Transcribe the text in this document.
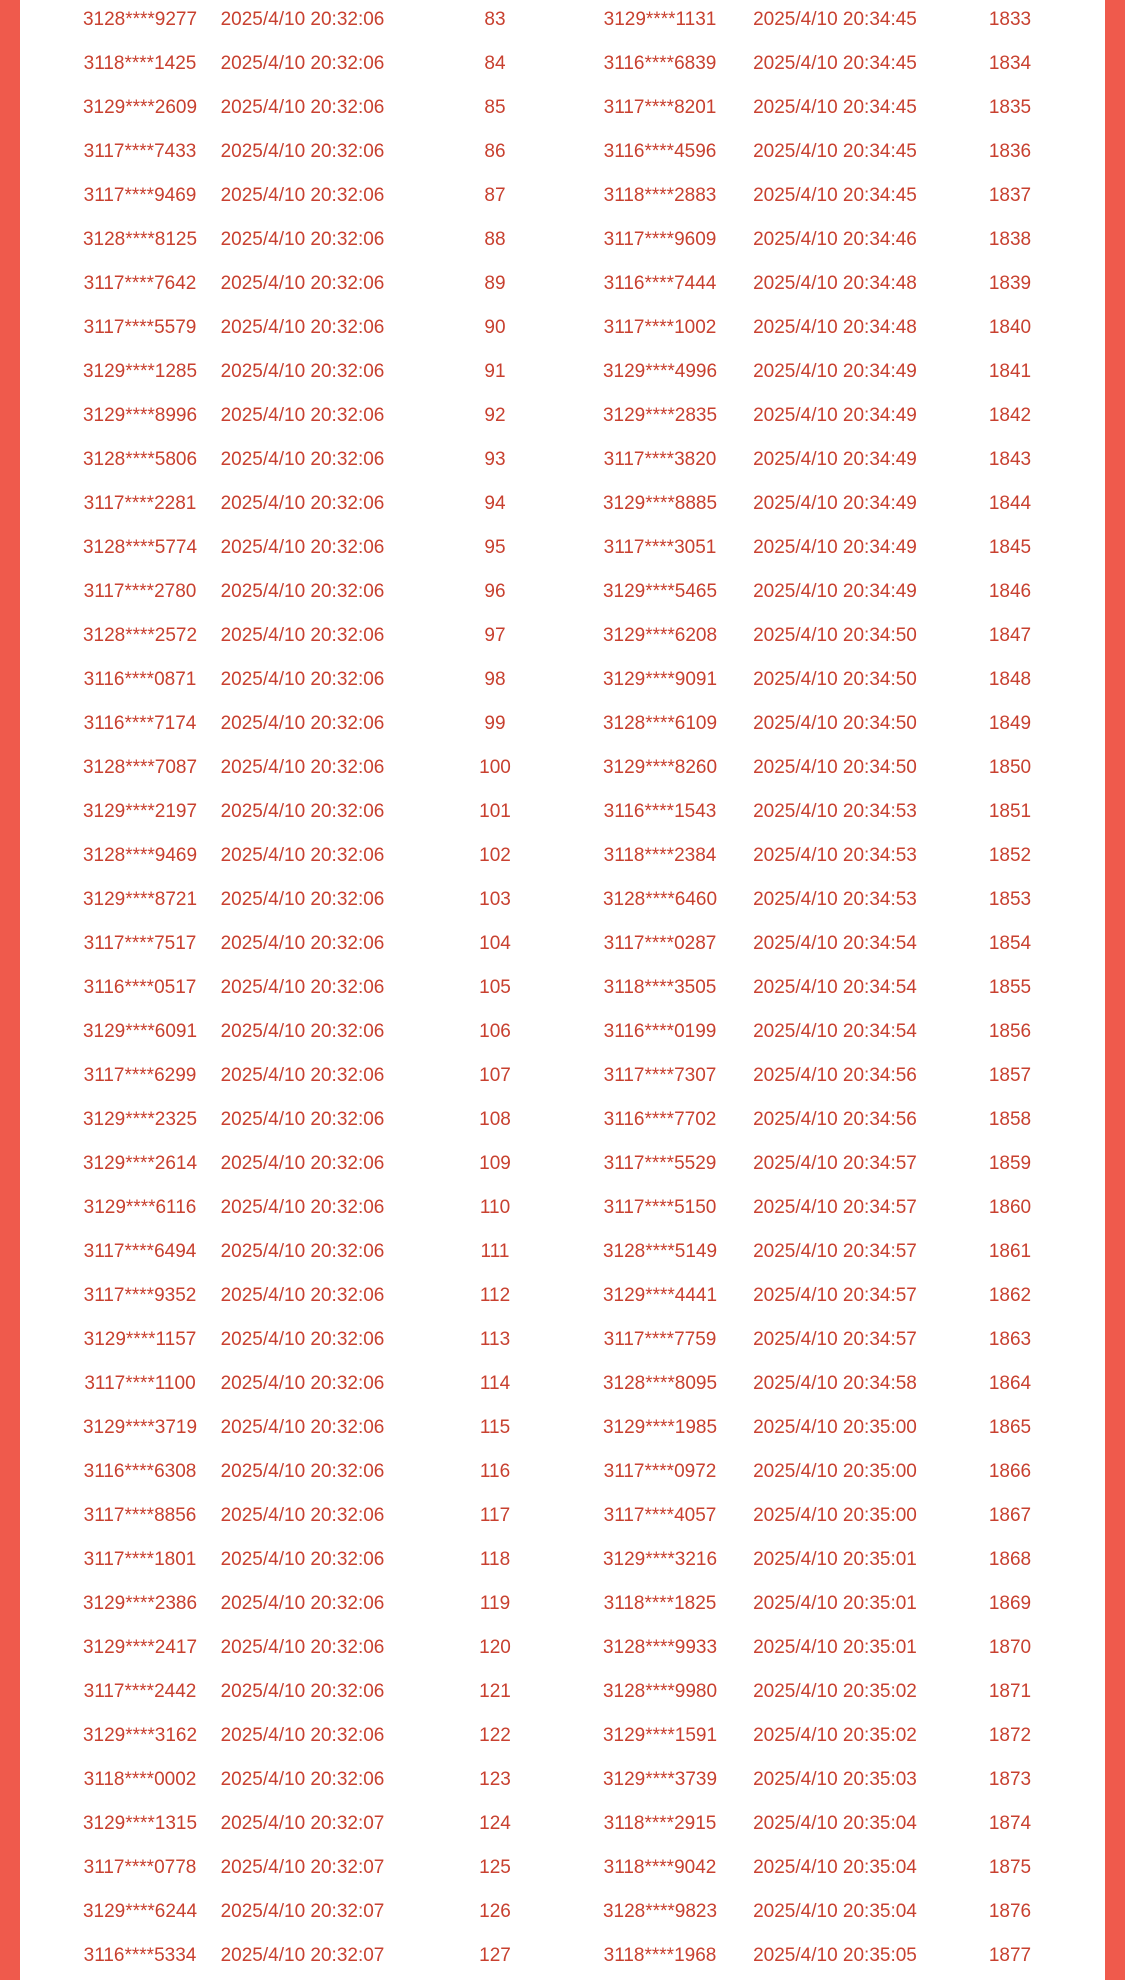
3128****9277	2025/4/10 20:32:06	83	3129****1131	2025/4/10 20:34:45	1833
3118****1425	2025/4/10 20:32:06	84	3116****6839	2025/4/10 20:34:45	1834
3129****2609	2025/4/10 20:32:06	85	3117****8201	2025/4/10 20:34:45	1835
3117****7433	2025/4/10 20:32:06	86	3116****4596	2025/4/10 20:34:45	1836
3117****9469	2025/4/10 20:32:06	87	3118****2883	2025/4/10 20:34:45	1837
3128****8125	2025/4/10 20:32:06	88	3117****9609	2025/4/10 20:34:46	1838
3117****7642	2025/4/10 20:32:06	89	3116****7444	2025/4/10 20:34:48	1839
3117****5579	2025/4/10 20:32:06	90	3117****1002	2025/4/10 20:34:48	1840
3129****1285	2025/4/10 20:32:06	91	3129****4996	2025/4/10 20:34:49	1841
3129****8996	2025/4/10 20:32:06	92	3129****2835	2025/4/10 20:34:49	1842
3128****5806	2025/4/10 20:32:06	93	3117****3820	2025/4/10 20:34:49	1843
3117****2281	2025/4/10 20:32:06	94	3129****8885	2025/4/10 20:34:49	1844
3128****5774	2025/4/10 20:32:06	95	3117****3051	2025/4/10 20:34:49	1845
3117****2780	2025/4/10 20:32:06	96	3129****5465	2025/4/10 20:34:49	1846
3128****2572	2025/4/10 20:32:06	97	3129****6208	2025/4/10 20:34:50	1847
3116****0871	2025/4/10 20:32:06	98	3129****9091	2025/4/10 20:34:50	1848
3116****7174	2025/4/10 20:32:06	99	3128****6109	2025/4/10 20:34:50	1849
3128****7087	2025/4/10 20:32:06	100	3129****8260	2025/4/10 20:34:50	1850
3129****2197	2025/4/10 20:32:06	101	3116****1543	2025/4/10 20:34:53	1851
3128****9469	2025/4/10 20:32:06	102	3118****2384	2025/4/10 20:34:53	1852
3129****8721	2025/4/10 20:32:06	103	3128****6460	2025/4/10 20:34:53	1853
3117****7517	2025/4/10 20:32:06	104	3117****0287	2025/4/10 20:34:54	1854
3116****0517	2025/4/10 20:32:06	105	3118****3505	2025/4/10 20:34:54	1855
3129****6091	2025/4/10 20:32:06	106	3116****0199	2025/4/10 20:34:54	1856
3117****6299	2025/4/10 20:32:06	107	3117****7307	2025/4/10 20:34:56	1857
3129****2325	2025/4/10 20:32:06	108	3116****7702	2025/4/10 20:34:56	1858
3129****2614	2025/4/10 20:32:06	109	3117****5529	2025/4/10 20:34:57	1859
3129****6116	2025/4/10 20:32:06	110	3117****5150	2025/4/10 20:34:57	1860
3117****6494	2025/4/10 20:32:06	111	3128****5149	2025/4/10 20:34:57	1861
3117****9352	2025/4/10 20:32:06	112	3129****4441	2025/4/10 20:34:57	1862
3129****1157	2025/4/10 20:32:06	113	3117****7759	2025/4/10 20:34:57	1863
3117****1100	2025/4/10 20:32:06	114	3128****8095	2025/4/10 20:34:58	1864
3129****3719	2025/4/10 20:32:06	115	3129****1985	2025/4/10 20:35:00	1865
3116****6308	2025/4/10 20:32:06	116	3117****0972	2025/4/10 20:35:00	1866
3117****8856	2025/4/10 20:32:06	117	3117****4057	2025/4/10 20:35:00	1867
3117****1801	2025/4/10 20:32:06	118	3129****3216	2025/4/10 20:35:01	1868
3129****2386	2025/4/10 20:32:06	119	3118****1825	2025/4/10 20:35:01	1869
3129****2417	2025/4/10 20:32:06	120	3128****9933	2025/4/10 20:35:01	1870
3117****2442	2025/4/10 20:32:06	121	3128****9980	2025/4/10 20:35:02	1871
3129****3162	2025/4/10 20:32:06	122	3129****1591	2025/4/10 20:35:02	1872
3118****0002	2025/4/10 20:32:06	123	3129****3739	2025/4/10 20:35:03	1873
3129****1315	2025/4/10 20:32:07	124	3118****2915	2025/4/10 20:35:04	1874
3117****0778	2025/4/10 20:32:07	125	3118****9042	2025/4/10 20:35:04	1875
3129****6244	2025/4/10 20:32:07	126	3128****9823	2025/4/10 20:35:04	1876
3116****5334	2025/4/10 20:32:07	127	3118****1968	2025/4/10 20:35:05	1877
